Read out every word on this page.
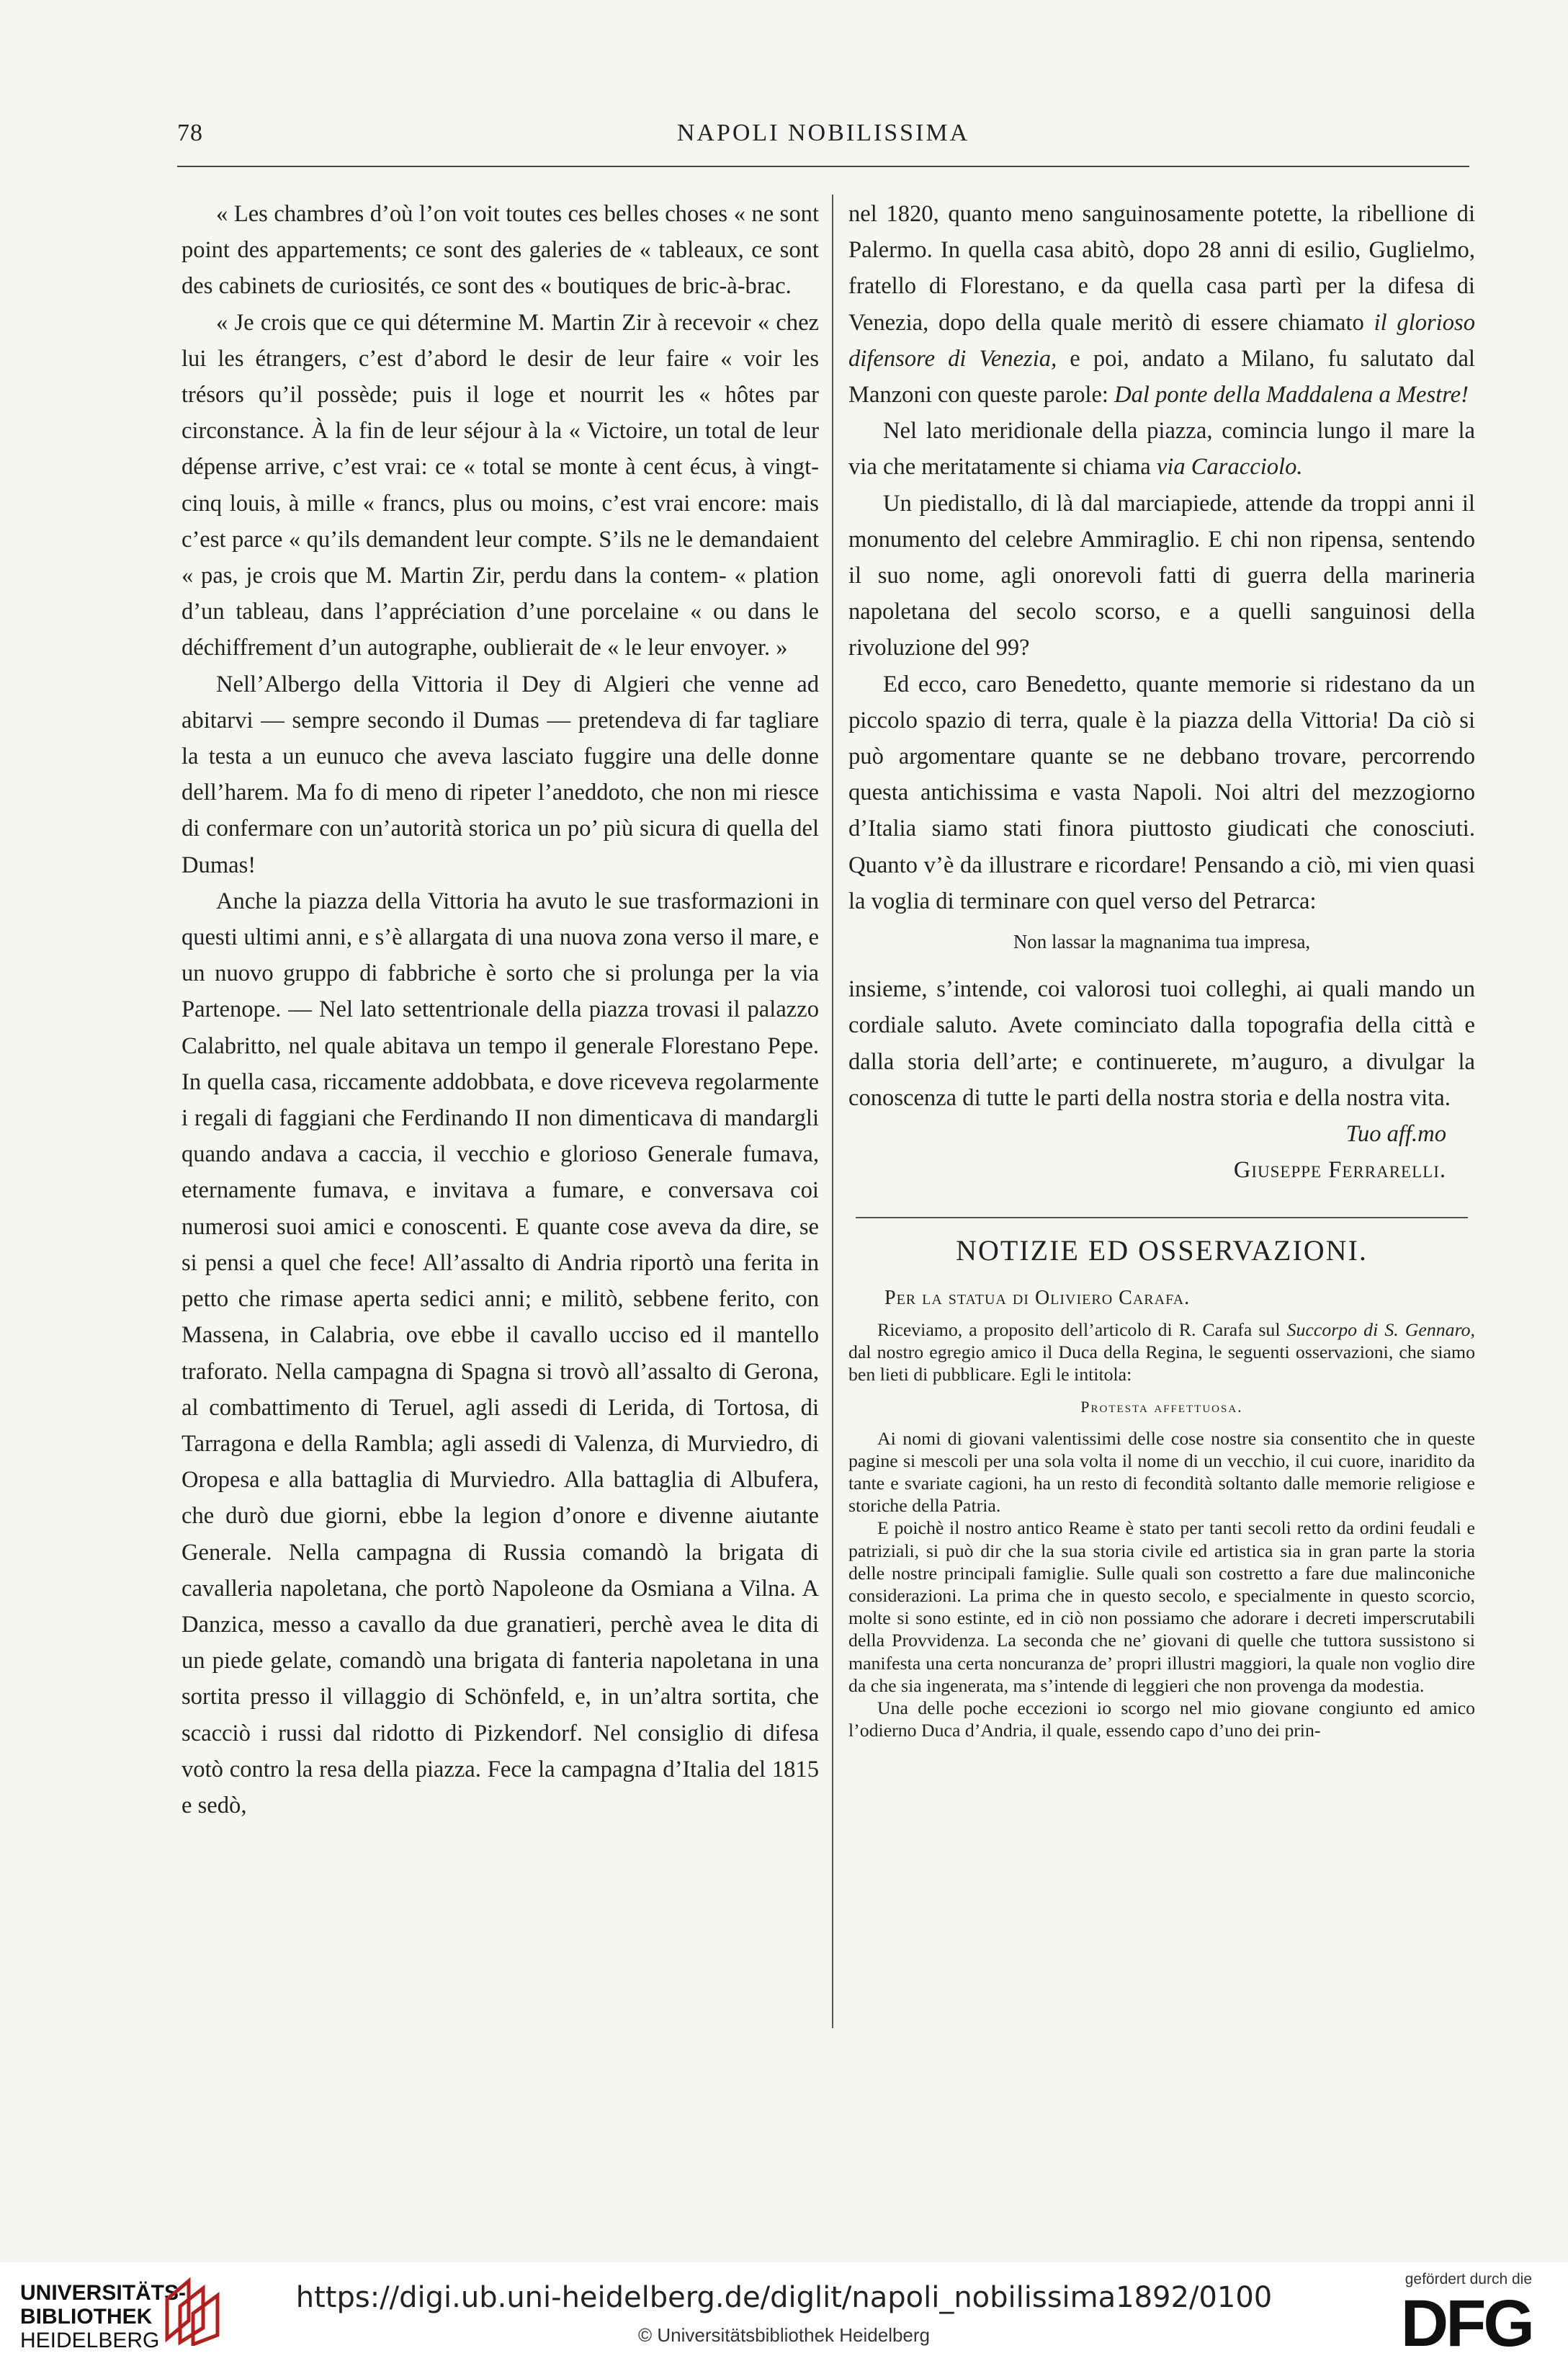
78	NAPOLI NOBILISSIMA

« Les chambres d’où l’on voit toutes ces belles choses « ne sont point des appartements; ce sont des galeries de « tableaux, ce sont des cabinets de curiosités, ce sont des « boutiques de bric-à-brac.

« Je crois que ce qui détermine M. Martin Zir à recevoir « chez lui les étrangers, c’est d’abord le desir de leur faire « voir les trésors qu’il possède; puis il loge et nourrit les « hôtes par circonstance. À la fin de leur séjour à la « Victoire, un total de leur dépense arrive, c’est vrai: ce « total se monte à cent écus, à vingt-cinq louis, à mille « francs, plus ou moins, c’est vrai encore: mais c’est parce « qu’ils demandent leur compte. S’ils ne le demandaient « pas, je crois que M. Martin Zir, perdu dans la contem- « plation d’un tableau, dans l’appréciation d’une porcelaine « ou dans le déchiffrement d’un autographe, oublierait de « le leur envoyer. »

Nell’Albergo della Vittoria il Dey di Algieri che venne ad abitarvi — sempre secondo il Dumas — pretendeva di far tagliare la testa a un eunuco che aveva lasciato fuggire una delle donne dell’harem. Ma fo di meno di ripeter l’aneddoto, che non mi riesce di confermare con un’autorità storica un po’ più sicura di quella del Dumas!

Anche la piazza della Vittoria ha avuto le sue trasformazioni in questi ultimi anni, e s’è allargata di una nuova zona verso il mare, e un nuovo gruppo di fabbriche è sorto che si prolunga per la via Partenope. — Nel lato settentrionale della piazza trovasi il palazzo Calabritto, nel quale abitava un tempo il generale Florestano Pepe. In quella casa, riccamente addobbata, e dove riceveva regolarmente i regali di faggiani che Ferdinando II non dimenticava di mandargli quando andava a caccia, il vecchio e glorioso Generale fumava, eternamente fumava, e invitava a fumare, e conversava coi numerosi suoi amici e conoscenti. E quante cose aveva da dire, se si pensi a quel che fece! All’assalto di Andria riportò una ferita in petto che rimase aperta sedici anni; e militò, sebbene ferito, con Massena, in Calabria, ove ebbe il cavallo ucciso ed il mantello traforato. Nella campagna di Spagna si trovò all’assalto di Gerona, al combattimento di Teruel, agli assedi di Lerida, di Tortosa, di Tarragona e della Rambla; agli assedi di Valenza, di Murviedro, di Oropesa e alla battaglia di Murviedro. Alla battaglia di Albufera, che durò due giorni, ebbe la legion d’onore e divenne aiutante Generale. Nella campagna di Russia comandò la brigata di cavalleria napoletana, che portò Napoleone da Osmiana a Vilna. A Danzica, messo a cavallo da due granatieri, perchè avea le dita di un piede gelate, comandò una brigata di fanteria napoletana in una sortita presso il villaggio di Schönfeld, e, in un’altra sortita, che scacciò i russi dal ridotto di Pizkendorf. Nel consiglio di difesa votò contro la resa della piazza. Fece la campagna d’Italia del 1815 e sedò,

nel 1820, quanto meno sanguinosamente potette, la ribellione di Palermo. In quella casa abitò, dopo 28 anni di esilio, Guglielmo, fratello di Florestano, e da quella casa partì per la difesa di Venezia, dopo della quale meritò di essere chiamato il glorioso difensore di Venezia, e poi, andato a Milano, fu salutato dal Manzoni con queste parole: Dal ponte della Maddalena a Mestre!

Nel lato meridionale della piazza, comincia lungo il mare la via che meritatamente si chiama via Caracciolo.

Un piedistallo, di là dal marciapiede, attende da troppi anni il monumento del celebre Ammiraglio. E chi non ripensa, sentendo il suo nome, agli onorevoli fatti di guerra della marineria napoletana del secolo scorso, e a quelli sanguinosi della rivoluzione del 99?

Ed ecco, caro Benedetto, quante memorie si ridestano da un piccolo spazio di terra, quale è la piazza della Vittoria! Da ciò si può argomentare quante se ne debbano trovare, percorrendo questa antichissima e vasta Napoli. Noi altri del mezzogiorno d’Italia siamo stati finora piuttosto giudicati che conosciuti. Quanto v’è da illustrare e ricordare! Pensando a ciò, mi vien quasi la voglia di terminare con quel verso del Petrarca:

Non lassar la magnanima tua impresa,

insieme, s’intende, coi valorosi tuoi colleghi, ai quali mando un cordiale saluto. Avete cominciato dalla topografia della città e dalla storia dell’arte; e continuerete, m’auguro, a divulgar la conoscenza di tutte le parti della nostra storia e della nostra vita.

Tuo aff.mo
Giuseppe Ferrarelli.
NOTIZIE ED OSSERVAZIONI.
Per la statua di Oliviero Carafa.

Riceviamo, a proposito dell’articolo di R. Carafa sul Succorpo di S. Gennaro, dal nostro egregio amico il Duca della Regina, le seguenti osservazioni, che siamo ben lieti di pubblicare. Egli le intitola:

Protesta affettuosa.

Ai nomi di giovani valentissimi delle cose nostre sia consentito che in queste pagine si mescoli per una sola volta il nome di un vecchio, il cui cuore, inaridito da tante e svariate cagioni, ha un resto di fecondità soltanto dalle memorie religiose e storiche della Patria.

E poichè il nostro antico Reame è stato per tanti secoli retto da ordini feudali e patriziali, si può dir che la sua storia civile ed artistica sia in gran parte la storia delle nostre principali famiglie. Sulle quali son costretto a fare due malinconiche considerazioni. La prima che in questo secolo, e specialmente in questo scorcio, molte si sono estinte, ed in ciò non possiamo che adorare i decreti imperscrutabili della Provvidenza. La seconda che ne’ giovani di quelle che tuttora sussistono si manifesta una certa noncuranza de’ propri illustri maggiori, la quale non voglio dire da che sia ingenerata, ma s’intende di leggieri che non provenga da modestia.

Una delle poche eccezioni io scorgo nel mio giovane congiunto ed amico l’odierno Duca d’Andria, il quale, essendo capo d’uno dei prin-

UNIVERSITÄTS-
BIBLIOTHEK
HEIDELBERG
https://digi.ub.uni-heidelberg.de/diglit/napoli_nobilissima1892/0100
© Universitätsbibliothek Heidelberg
gefördert durch die
DFG
